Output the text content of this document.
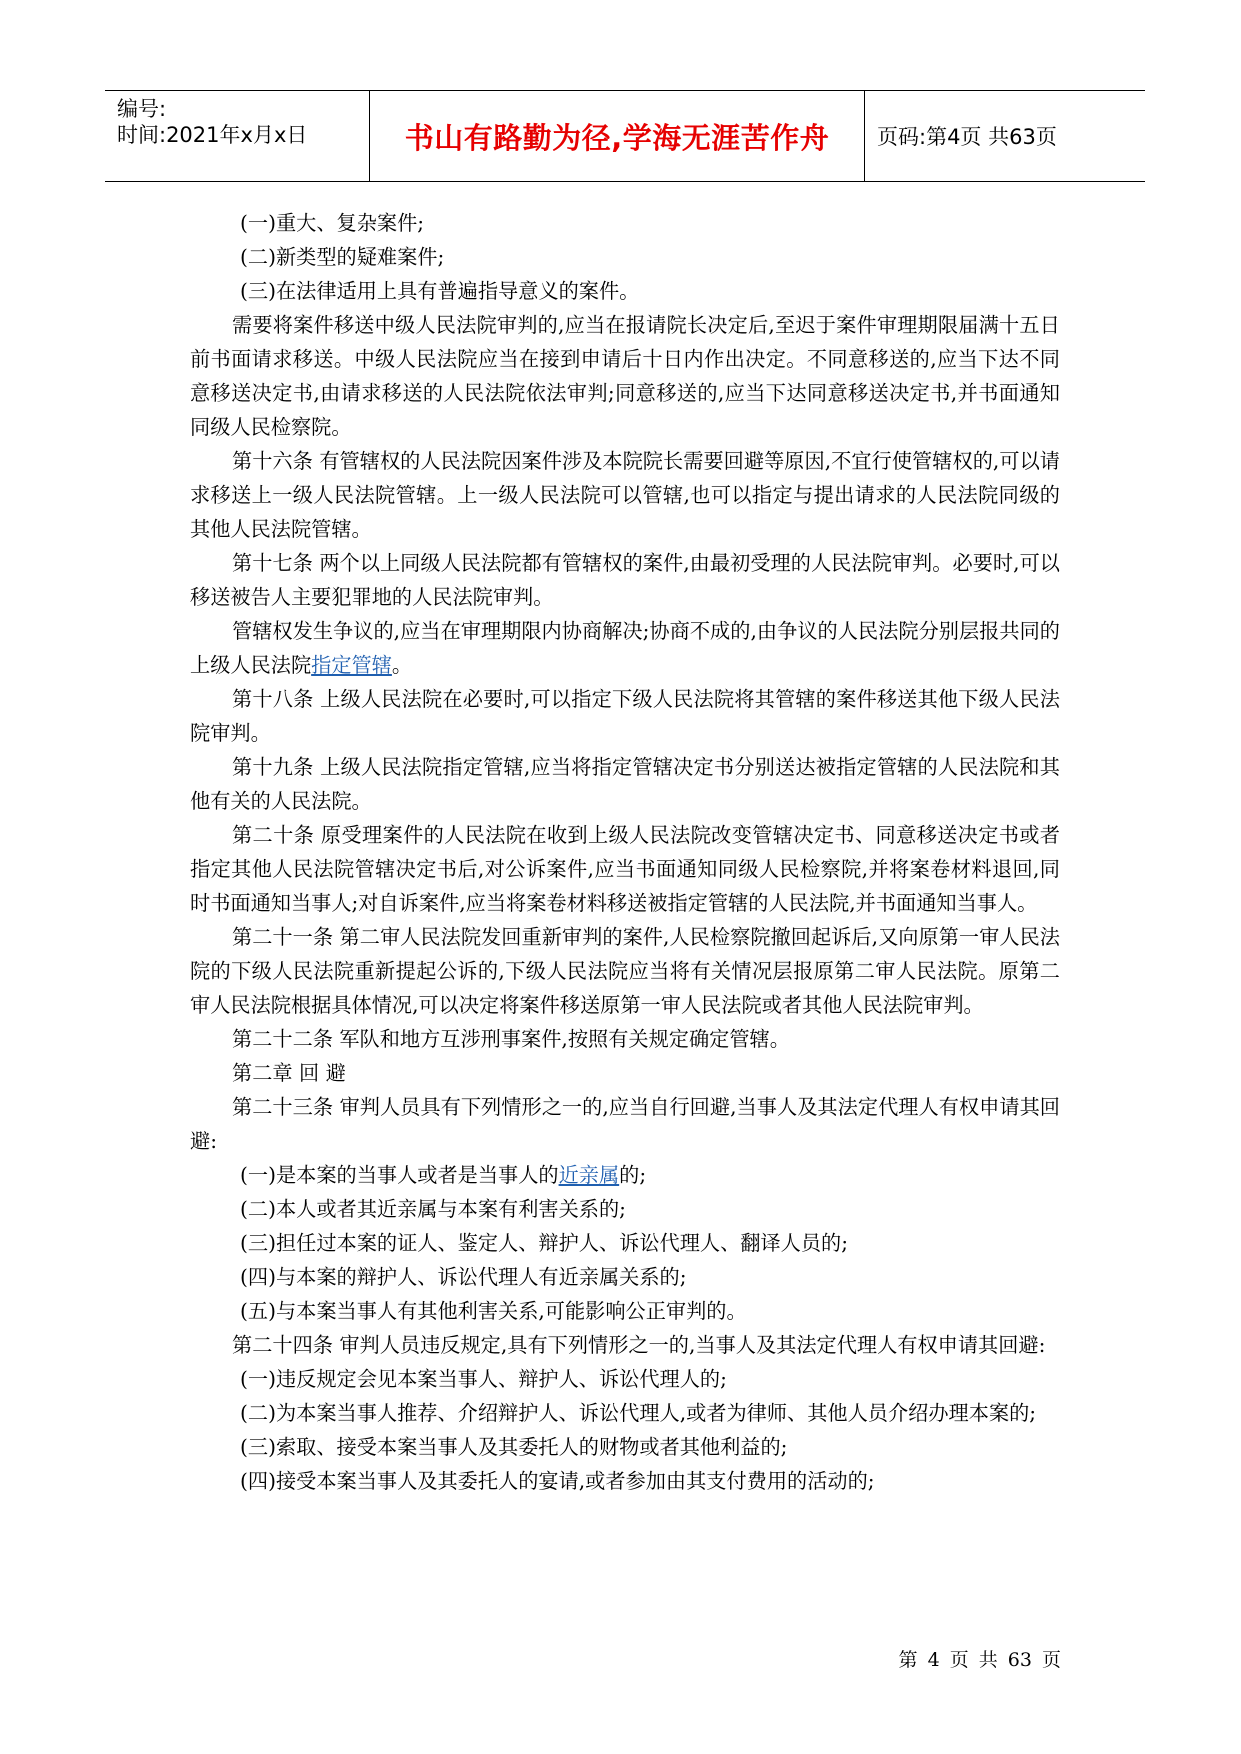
编号:
时间:2021年x月x日	书山有路勤为径,学海无涯苦作舟 页码:第4页 共63页

(一)重大、复杂案件;

(二)新类型的疑难案件;

(三)在法律适用上具有普遍指导意义的案件。

需要将案件移送中级人民法院审判的,应当在报请院长决定后,至迟于案件审理期限届满十五日前书面请求移送。中级人民法院应当在接到申请后十日内作出决定。不同意移送的,应当下达不同意移送决定书,由请求移送的人民法院依法审判;同意移送的,应当下达同意移送决定书,并书面通知同级人民检察院。

第十六条 有管辖权的人民法院因案件涉及本院院长需要回避等原因,不宜行使管辖权的,可以请求移送上一级人民法院管辖。上一级人民法院可以管辖,也可以指定与提出请求的人民法院同级的其他人民法院管辖。

第十七条 两个以上同级人民法院都有管辖权的案件,由最初受理的人民法院审判。必要时,可以移送被告人主要犯罪地的人民法院审判。

管辖权发生争议的,应当在审理期限内协商解决;协商不成的,由争议的人民法院分别层报共同的上级人民法院指定管辖。

第十八条 上级人民法院在必要时,可以指定下级人民法院将其管辖的案件移送其他下级人民法院审判。

第十九条 上级人民法院指定管辖,应当将指定管辖决定书分别送达被指定管辖的人民法院和其他有关的人民法院。

第二十条 原受理案件的人民法院在收到上级人民法院改变管辖决定书、同意移送决定书或者指定其他人民法院管辖决定书后,对公诉案件,应当书面通知同级人民检察院,并将案卷材料退回,同时书面通知当事人;对自诉案件,应当将案卷材料移送被指定管辖的人民法院,并书面通知当事人。

第二十一条 第二审人民法院发回重新审判的案件,人民检察院撤回起诉后,又向原第一审人民法院的下级人民法院重新提起公诉的,下级人民法院应当将有关情况层报原第二审人民法院。原第二审人民法院根据具体情况,可以决定将案件移送原第一审人民法院或者其他人民法院审判。

第二十二条 军队和地方互涉刑事案件,按照有关规定确定管辖。

第二章 回 避

第二十三条 审判人员具有下列情形之一的,应当自行回避,当事人及其法定代理人有权申请其回避:

(一)是本案的当事人或者是当事人的近亲属的;

(二)本人或者其近亲属与本案有利害关系的;

(三)担任过本案的证人、鉴定人、辩护人、诉讼代理人、翻译人员的;

(四)与本案的辩护人、诉讼代理人有近亲属关系的;

(五)与本案当事人有其他利害关系,可能影响公正审判的。

第二十四条 审判人员违反规定,具有下列情形之一的,当事人及其法定代理人有权申请其回避:

(一)违反规定会见本案当事人、辩护人、诉讼代理人的;

(二)为本案当事人推荐、介绍辩护人、诉讼代理人,或者为律师、其他人员介绍办理本案的;

(三)索取、接受本案当事人及其委托人的财物或者其他利益的;

(四)接受本案当事人及其委托人的宴请,或者参加由其支付费用的活动的;

第 4 页 共 63 页
